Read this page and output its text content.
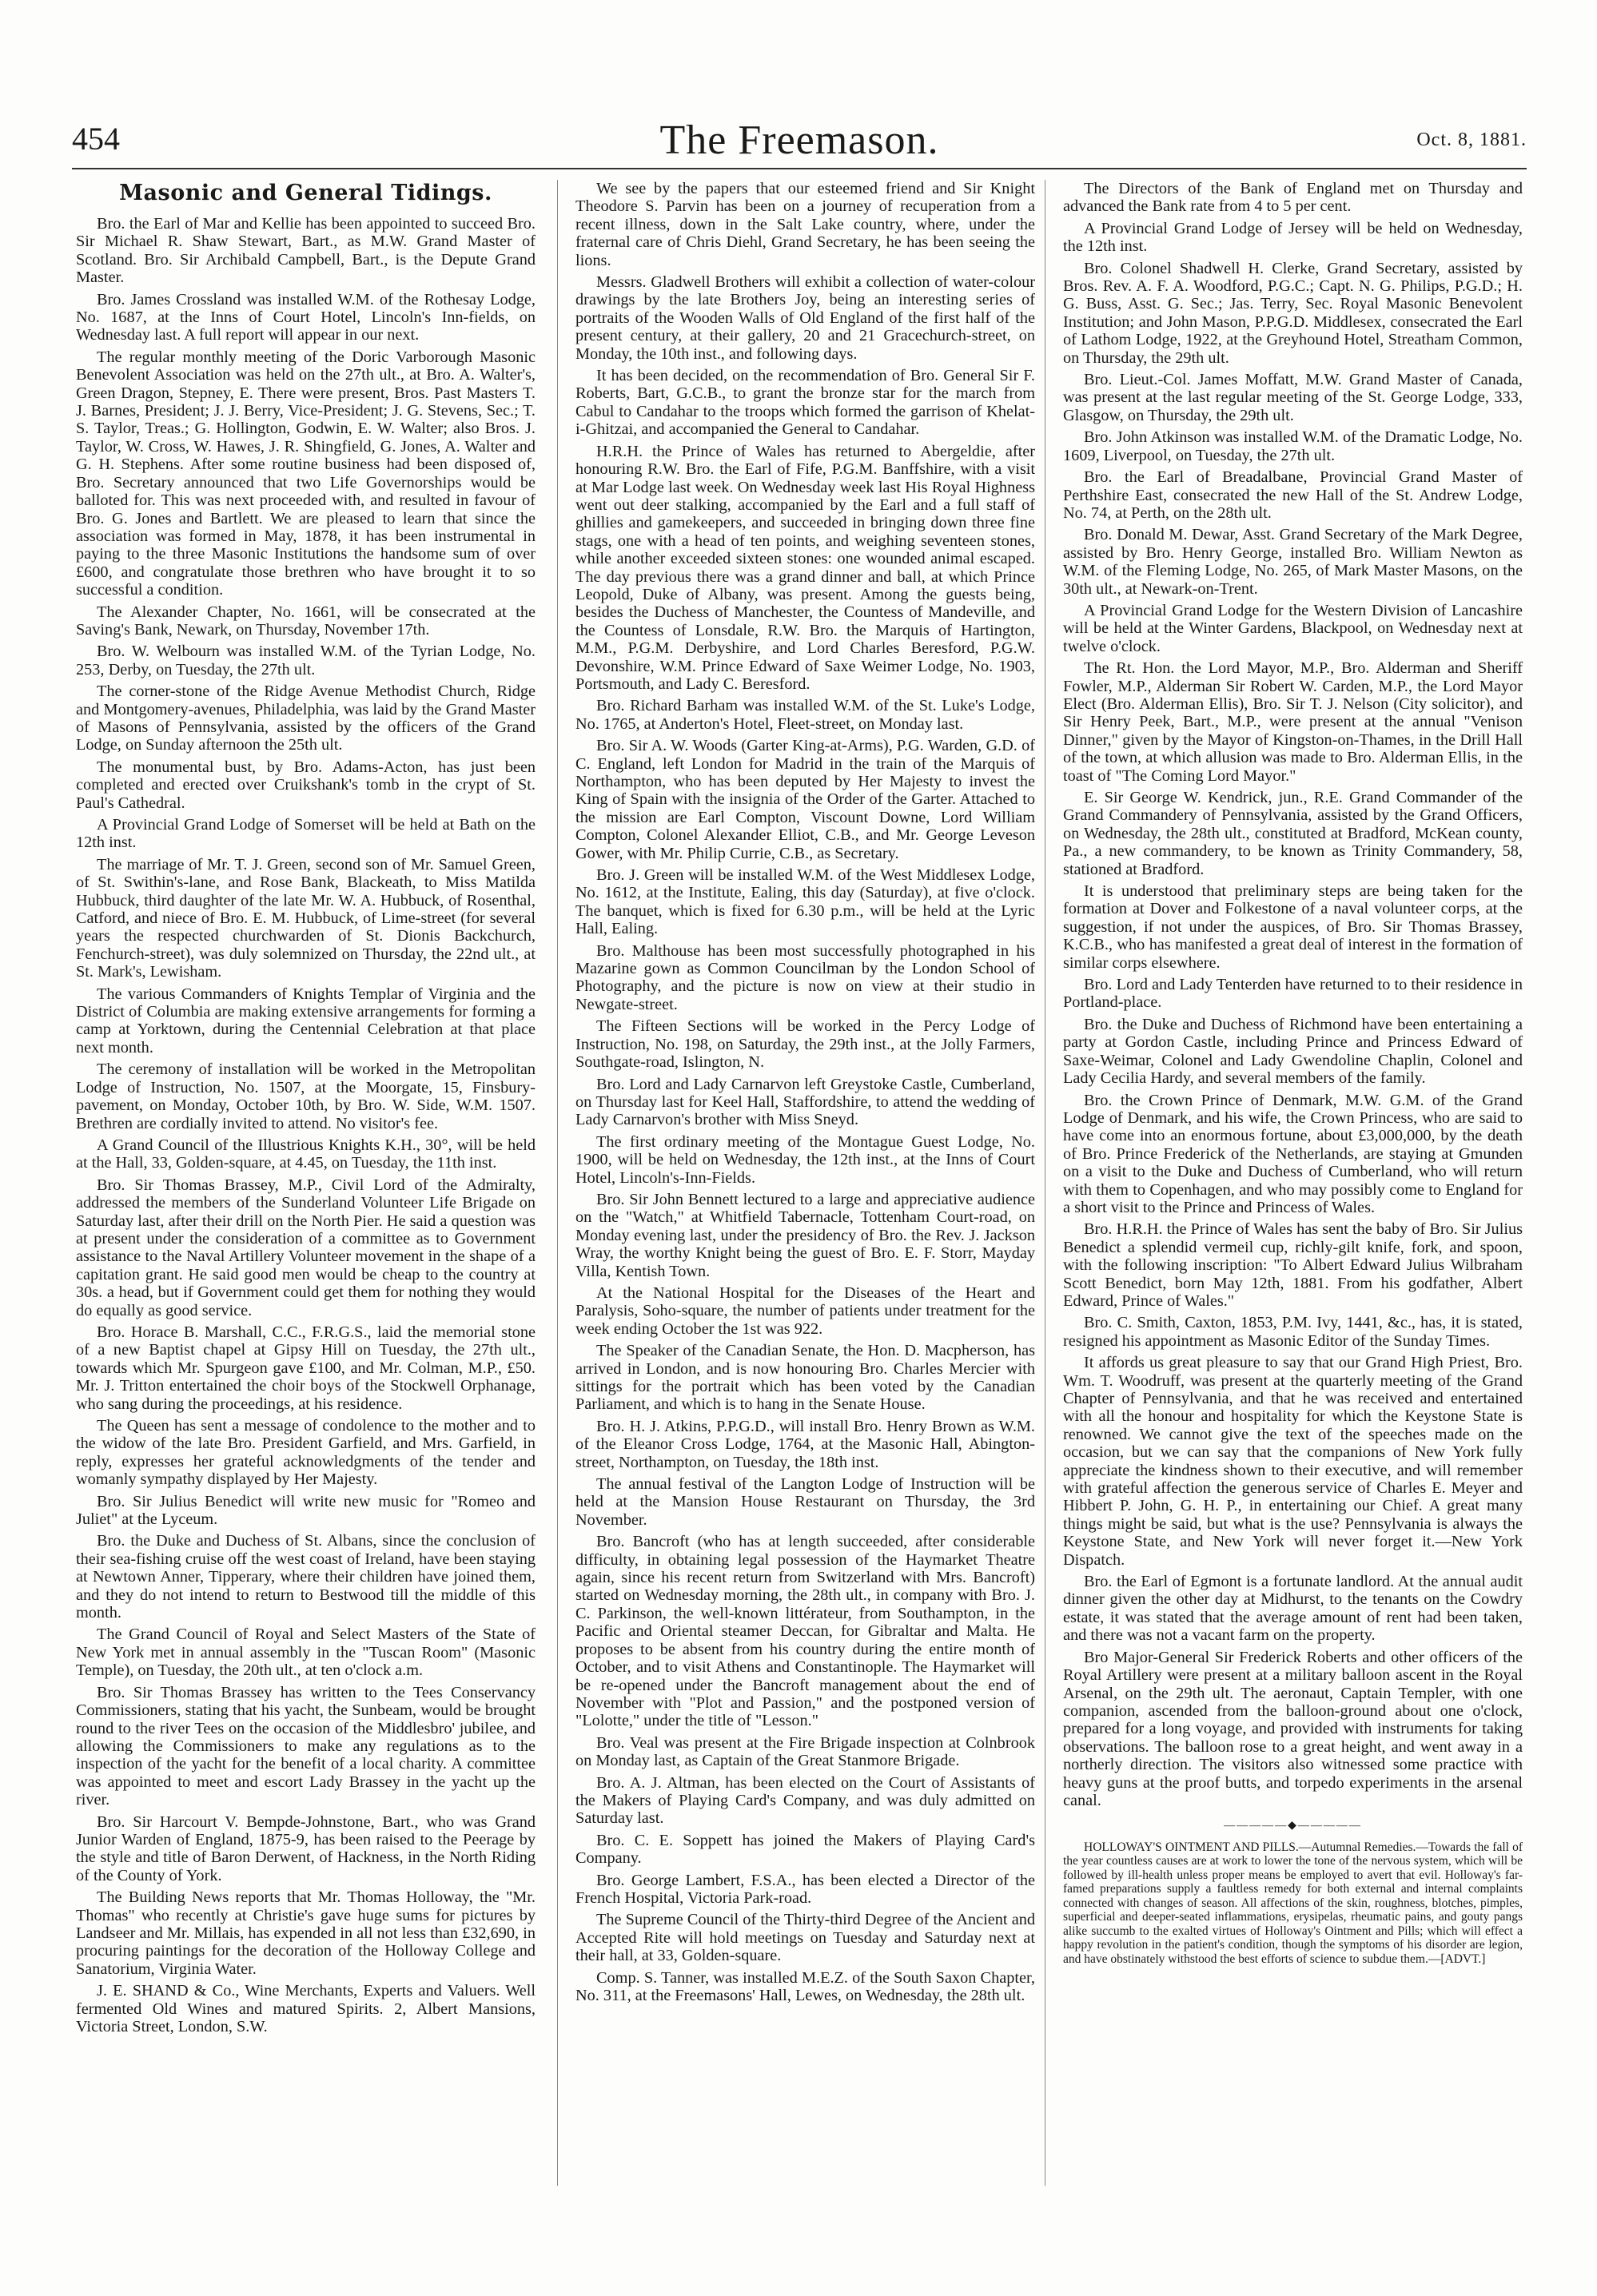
454	The Freemason.	Oct. 8, 1881.
Masonic and General Tidings.

Bro. the Earl of Mar and Kellie has been appointed to succeed Bro. Sir Michael R. Shaw Stewart, Bart., as M.W. Grand Master of Scotland. Bro. Sir Archibald Campbell, Bart., is the Depute Grand Master.

Bro. James Crossland was installed W.M. of the Rothesay Lodge, No. 1687, at the Inns of Court Hotel, Lincoln's Inn-fields, on Wednesday last. A full report will appear in our next.

The regular monthly meeting of the Doric Varborough Masonic Benevolent Association was held on the 27th ult., at Bro. A. Walter's, Green Dragon, Stepney, E. There were present, Bros. Past Masters T. J. Barnes, President; J. J. Berry, Vice-President; J. G. Stevens, Sec.; T. S. Taylor, Treas.; G. Hollington, Godwin, E. W. Walter; also Bros. J. Taylor, W. Cross, W. Hawes, J. R. Shingfield, G. Jones, A. Walter and G. H. Stephens. After some routine business had been disposed of, Bro. Secretary announced that two Life Governorships would be balloted for. This was next proceeded with, and resulted in favour of Bro. G. Jones and Bartlett. We are pleased to learn that since the association was formed in May, 1878, it has been instrumental in paying to the three Masonic Institutions the handsome sum of over £600, and congratulate those brethren who have brought it to so successful a condition.

The Alexander Chapter, No. 1661, will be consecrated at the Saving's Bank, Newark, on Thursday, November 17th.

Bro. W. Welbourn was installed W.M. of the Tyrian Lodge, No. 253, Derby, on Tuesday, the 27th ult.

The corner-stone of the Ridge Avenue Methodist Church, Ridge and Montgomery-avenues, Philadelphia, was laid by the Grand Master of Masons of Pennsylvania, assisted by the officers of the Grand Lodge, on Sunday afternoon the 25th ult.

The monumental bust, by Bro. Adams-Acton, has just been completed and erected over Cruikshank's tomb in the crypt of St. Paul's Cathedral.

A Provincial Grand Lodge of Somerset will be held at Bath on the 12th inst.

The marriage of Mr. T. J. Green, second son of Mr. Samuel Green, of St. Swithin's-lane, and Rose Bank, Blackeath, to Miss Matilda Hubbuck, third daughter of the late Mr. W. A. Hubbuck, of Rosenthal, Catford, and niece of Bro. E. M. Hubbuck, of Lime-street (for several years the respected churchwarden of St. Dionis Backchurch, Fenchurch-street), was duly solemnized on Thursday, the 22nd ult., at St. Mark's, Lewisham.

The various Commanders of Knights Templar of Virginia and the District of Columbia are making extensive arrangements for forming a camp at Yorktown, during the Centennial Celebration at that place next month.

The ceremony of installation will be worked in the Metropolitan Lodge of Instruction, No. 1507, at the Moorgate, 15, Finsbury-pavement, on Monday, October 10th, by Bro. W. Side, W.M. 1507. Brethren are cordially invited to attend. No visitor's fee.

A Grand Council of the Illustrious Knights K.H., 30°, will be held at the Hall, 33, Golden-square, at 4.45, on Tuesday, the 11th inst.

Bro. Sir Thomas Brassey, M.P., Civil Lord of the Admiralty, addressed the members of the Sunderland Volunteer Life Brigade on Saturday last, after their drill on the North Pier. He said a question was at present under the consideration of a committee as to Government assistance to the Naval Artillery Volunteer movement in the shape of a capitation grant. He said good men would be cheap to the country at 30s. a head, but if Government could get them for nothing they would do equally as good service.

Bro. Horace B. Marshall, C.C., F.R.G.S., laid the memorial stone of a new Baptist chapel at Gipsy Hill on Tuesday, the 27th ult., towards which Mr. Spurgeon gave £100, and Mr. Colman, M.P., £50. Mr. J. Tritton entertained the choir boys of the Stockwell Orphanage, who sang during the proceedings, at his residence.

The Queen has sent a message of condolence to the mother and to the widow of the late Bro. President Garfield, and Mrs. Garfield, in reply, expresses her grateful acknowledgments of the tender and womanly sympathy displayed by Her Majesty.

Bro. Sir Julius Benedict will write new music for "Romeo and Juliet" at the Lyceum.

Bro. the Duke and Duchess of St. Albans, since the conclusion of their sea-fishing cruise off the west coast of Ireland, have been staying at Newtown Anner, Tipperary, where their children have joined them, and they do not intend to return to Bestwood till the middle of this month.

The Grand Council of Royal and Select Masters of the State of New York met in annual assembly in the "Tuscan Room" (Masonic Temple), on Tuesday, the 20th ult., at ten o'clock a.m.

Bro. Sir Thomas Brassey has written to the Tees Conservancy Commissioners, stating that his yacht, the Sunbeam, would be brought round to the river Tees on the occasion of the Middlesbro' jubilee, and allowing the Commissioners to make any regulations as to the inspection of the yacht for the benefit of a local charity. A committee was appointed to meet and escort Lady Brassey in the yacht up the river.

Bro. Sir Harcourt V. Bempde-Johnstone, Bart., who was Grand Junior Warden of England, 1875-9, has been raised to the Peerage by the style and title of Baron Derwent, of Hackness, in the North Riding of the County of York.

The Building News reports that Mr. Thomas Holloway, the "Mr. Thomas" who recently at Christie's gave huge sums for pictures by Landseer and Mr. Millais, has expended in all not less than £32,690, in procuring paintings for the decoration of the Holloway College and Sanatorium, Virginia Water.

J. E. SHAND & Co., Wine Merchants, Experts and Valuers. Well fermented Old Wines and matured Spirits. 2, Albert Mansions, Victoria Street, London, S.W.

We see by the papers that our esteemed friend and Sir Knight Theodore S. Parvin has been on a journey of recuperation from a recent illness, down in the Salt Lake country, where, under the fraternal care of Chris Diehl, Grand Secretary, he has been seeing the lions.

Messrs. Gladwell Brothers will exhibit a collection of water-colour drawings by the late Brothers Joy, being an interesting series of portraits of the Wooden Walls of Old England of the first half of the present century, at their gallery, 20 and 21 Gracechurch-street, on Monday, the 10th inst., and following days.

It has been decided, on the recommendation of Bro. General Sir F. Roberts, Bart, G.C.B., to grant the bronze star for the march from Cabul to Candahar to the troops which formed the garrison of Khelat-i-Ghitzai, and accompanied the General to Candahar.

H.R.H. the Prince of Wales has returned to Abergeldie, after honouring R.W. Bro. the Earl of Fife, P.G.M. Banffshire, with a visit at Mar Lodge last week. On Wednesday week last His Royal Highness went out deer stalking, accompanied by the Earl and a full staff of ghillies and gamekeepers, and succeeded in bringing down three fine stags, one with a head of ten points, and weighing seventeen stones, while another exceeded sixteen stones: one wounded animal escaped. The day previous there was a grand dinner and ball, at which Prince Leopold, Duke of Albany, was present. Among the guests being, besides the Duchess of Manchester, the Countess of Mandeville, and the Countess of Lonsdale, R.W. Bro. the Marquis of Hartington, M.M., P.G.M. Derbyshire, and Lord Charles Beresford, P.G.W. Devonshire, W.M. Prince Edward of Saxe Weimer Lodge, No. 1903, Portsmouth, and Lady C. Beresford.

Bro. Richard Barham was installed W.M. of the St. Luke's Lodge, No. 1765, at Anderton's Hotel, Fleet-street, on Monday last.

Bro. Sir A. W. Woods (Garter King-at-Arms), P.G. Warden, G.D. of C. England, left London for Madrid in the train of the Marquis of Northampton, who has been deputed by Her Majesty to invest the King of Spain with the insignia of the Order of the Garter. Attached to the mission are Earl Compton, Viscount Downe, Lord William Compton, Colonel Alexander Elliot, C.B., and Mr. George Leveson Gower, with Mr. Philip Currie, C.B., as Secretary.

Bro. J. Green will be installed W.M. of the West Middlesex Lodge, No. 1612, at the Institute, Ealing, this day (Saturday), at five o'clock. The banquet, which is fixed for 6.30 p.m., will be held at the Lyric Hall, Ealing.

Bro. Malthouse has been most successfully photographed in his Mazarine gown as Common Councilman by the London School of Photography, and the picture is now on view at their studio in Newgate-street.

The Fifteen Sections will be worked in the Percy Lodge of Instruction, No. 198, on Saturday, the 29th inst., at the Jolly Farmers, Southgate-road, Islington, N.

Bro. Lord and Lady Carnarvon left Greystoke Castle, Cumberland, on Thursday last for Keel Hall, Staffordshire, to attend the wedding of Lady Carnarvon's brother with Miss Sneyd.

The first ordinary meeting of the Montague Guest Lodge, No. 1900, will be held on Wednesday, the 12th inst., at the Inns of Court Hotel, Lincoln's-Inn-Fields.

Bro. Sir John Bennett lectured to a large and appreciative audience on the "Watch," at Whitfield Tabernacle, Tottenham Court-road, on Monday evening last, under the presidency of Bro. the Rev. J. Jackson Wray, the worthy Knight being the guest of Bro. E. F. Storr, Mayday Villa, Kentish Town.

At the National Hospital for the Diseases of the Heart and Paralysis, Soho-square, the number of patients under treatment for the week ending October the 1st was 922.

The Speaker of the Canadian Senate, the Hon. D. Macpherson, has arrived in London, and is now honouring Bro. Charles Mercier with sittings for the portrait which has been voted by the Canadian Parliament, and which is to hang in the Senate House.

Bro. H. J. Atkins, P.P.G.D., will install Bro. Henry Brown as W.M. of the Eleanor Cross Lodge, 1764, at the Masonic Hall, Abington-street, Northampton, on Tuesday, the 18th inst.

The annual festival of the Langton Lodge of Instruction will be held at the Mansion House Restaurant on Thursday, the 3rd November.

Bro. Bancroft (who has at length succeeded, after considerable difficulty, in obtaining legal possession of the Haymarket Theatre again, since his recent return from Switzerland with Mrs. Bancroft) started on Wednesday morning, the 28th ult., in company with Bro. J. C. Parkinson, the well-known littérateur, from Southampton, in the Pacific and Oriental steamer Deccan, for Gibraltar and Malta. He proposes to be absent from his country during the entire month of October, and to visit Athens and Constantinople. The Haymarket will be re-opened under the Bancroft management about the end of November with "Plot and Passion," and the postponed version of "Lolotte," under the title of "Lesson."

Bro. Veal was present at the Fire Brigade inspection at Colnbrook on Monday last, as Captain of the Great Stanmore Brigade.

Bro. A. J. Altman, has been elected on the Court of Assistants of the Makers of Playing Card's Company, and was duly admitted on Saturday last.

Bro. C. E. Soppett has joined the Makers of Playing Card's Company.

Bro. George Lambert, F.S.A., has been elected a Director of the French Hospital, Victoria Park-road.

The Supreme Council of the Thirty-third Degree of the Ancient and Accepted Rite will hold meetings on Tuesday and Saturday next at their hall, at 33, Golden-square.

Comp. S. Tanner, was installed M.E.Z. of the South Saxon Chapter, No. 311, at the Freemasons' Hall, Lewes, on Wednesday, the 28th ult.

The Directors of the Bank of England met on Thursday and advanced the Bank rate from 4 to 5 per cent.

A Provincial Grand Lodge of Jersey will be held on Wednesday, the 12th inst.

Bro. Colonel Shadwell H. Clerke, Grand Secretary, assisted by Bros. Rev. A. F. A. Woodford, P.G.C.; Capt. N. G. Philips, P.G.D.; H. G. Buss, Asst. G. Sec.; Jas. Terry, Sec. Royal Masonic Benevolent Institution; and John Mason, P.P.G.D. Middlesex, consecrated the Earl of Lathom Lodge, 1922, at the Greyhound Hotel, Streatham Common, on Thursday, the 29th ult.

Bro. Lieut.-Col. James Moffatt, M.W. Grand Master of Canada, was present at the last regular meeting of the St. George Lodge, 333, Glasgow, on Thursday, the 29th ult.

Bro. John Atkinson was installed W.M. of the Dramatic Lodge, No. 1609, Liverpool, on Tuesday, the 27th ult.

Bro. the Earl of Breadalbane, Provincial Grand Master of Perthshire East, consecrated the new Hall of the St. Andrew Lodge, No. 74, at Perth, on the 28th ult.

Bro. Donald M. Dewar, Asst. Grand Secretary of the Mark Degree, assisted by Bro. Henry George, installed Bro. William Newton as W.M. of the Fleming Lodge, No. 265, of Mark Master Masons, on the 30th ult., at Newark-on-Trent.

A Provincial Grand Lodge for the Western Division of Lancashire will be held at the Winter Gardens, Blackpool, on Wednesday next at twelve o'clock.

The Rt. Hon. the Lord Mayor, M.P., Bro. Alderman and Sheriff Fowler, M.P., Alderman Sir Robert W. Carden, M.P., the Lord Mayor Elect (Bro. Alderman Ellis), Bro. Sir T. J. Nelson (City solicitor), and Sir Henry Peek, Bart., M.P., were present at the annual "Venison Dinner," given by the Mayor of Kingston-on-Thames, in the Drill Hall of the town, at which allusion was made to Bro. Alderman Ellis, in the toast of "The Coming Lord Mayor."

E. Sir George W. Kendrick, jun., R.E. Grand Commander of the Grand Commandery of Pennsylvania, assisted by the Grand Officers, on Wednesday, the 28th ult., constituted at Bradford, McKean county, Pa., a new commandery, to be known as Trinity Commandery, 58, stationed at Bradford.

It is understood that preliminary steps are being taken for the formation at Dover and Folkestone of a naval volunteer corps, at the suggestion, if not under the auspices, of Bro. Sir Thomas Brassey, K.C.B., who has manifested a great deal of interest in the formation of similar corps elsewhere.

Bro. Lord and Lady Tenterden have returned to to their residence in Portland-place.

Bro. the Duke and Duchess of Richmond have been entertaining a party at Gordon Castle, including Prince and Princess Edward of Saxe-Weimar, Colonel and Lady Gwendoline Chaplin, Colonel and Lady Cecilia Hardy, and several members of the family.

Bro. the Crown Prince of Denmark, M.W. G.M. of the Grand Lodge of Denmark, and his wife, the Crown Princess, who are said to have come into an enormous fortune, about £3,000,000, by the death of Bro. Prince Frederick of the Netherlands, are staying at Gmunden on a visit to the Duke and Duchess of Cumberland, who will return with them to Copenhagen, and who may possibly come to England for a short visit to the Prince and Princess of Wales.

Bro. H.R.H. the Prince of Wales has sent the baby of Bro. Sir Julius Benedict a splendid vermeil cup, richly-gilt knife, fork, and spoon, with the following inscription: "To Albert Edward Julius Wilbraham Scott Benedict, born May 12th, 1881. From his godfather, Albert Edward, Prince of Wales."

Bro. C. Smith, Caxton, 1853, P.M. Ivy, 1441, &c., has, it is stated, resigned his appointment as Masonic Editor of the Sunday Times.

It affords us great pleasure to say that our Grand High Priest, Bro. Wm. T. Woodruff, was present at the quarterly meeting of the Grand Chapter of Pennsylvania, and that he was received and entertained with all the honour and hospitality for which the Keystone State is renowned. We cannot give the text of the speeches made on the occasion, but we can say that the companions of New York fully appreciate the kindness shown to their executive, and will remember with grateful affection the generous service of Charles E. Meyer and Hibbert P. John, G. H. P., in entertaining our Chief. A great many things might be said, but what is the use? Pennsylvania is always the Keystone State, and New York will never forget it.—New York Dispatch.

Bro. the Earl of Egmont is a fortunate landlord. At the annual audit dinner given the other day at Midhurst, to the tenants on the Cowdry estate, it was stated that the average amount of rent had been taken, and there was not a vacant farm on the property.

Bro Major-General Sir Frederick Roberts and other officers of the Royal Artillery were present at a military balloon ascent in the Royal Arsenal, on the 29th ult. The aeronaut, Captain Templer, with one companion, ascended from the balloon-ground about one o'clock, prepared for a long voyage, and provided with instruments for taking observations. The balloon rose to a great height, and went away in a northerly direction. The visitors also witnessed some practice with heavy guns at the proof butts, and torpedo experiments in the arsenal canal.

—————◆—————

HOLLOWAY'S OINTMENT AND PILLS.—Autumnal Remedies.—Towards the fall of the year countless causes are at work to lower the tone of the nervous system, which will be followed by ill-health unless proper means be employed to avert that evil. Holloway's far-famed preparations supply a faultless remedy for both external and internal complaints connected with changes of season. All affections of the skin, roughness, blotches, pimples, superficial and deeper-seated inflammations, erysipelas, rheumatic pains, and gouty pangs alike succumb to the exalted virtues of Holloway's Ointment and Pills; which will effect a happy revolution in the patient's condition, though the symptoms of his disorder are legion, and have obstinately withstood the best efforts of science to subdue them.—[ADVT.]
